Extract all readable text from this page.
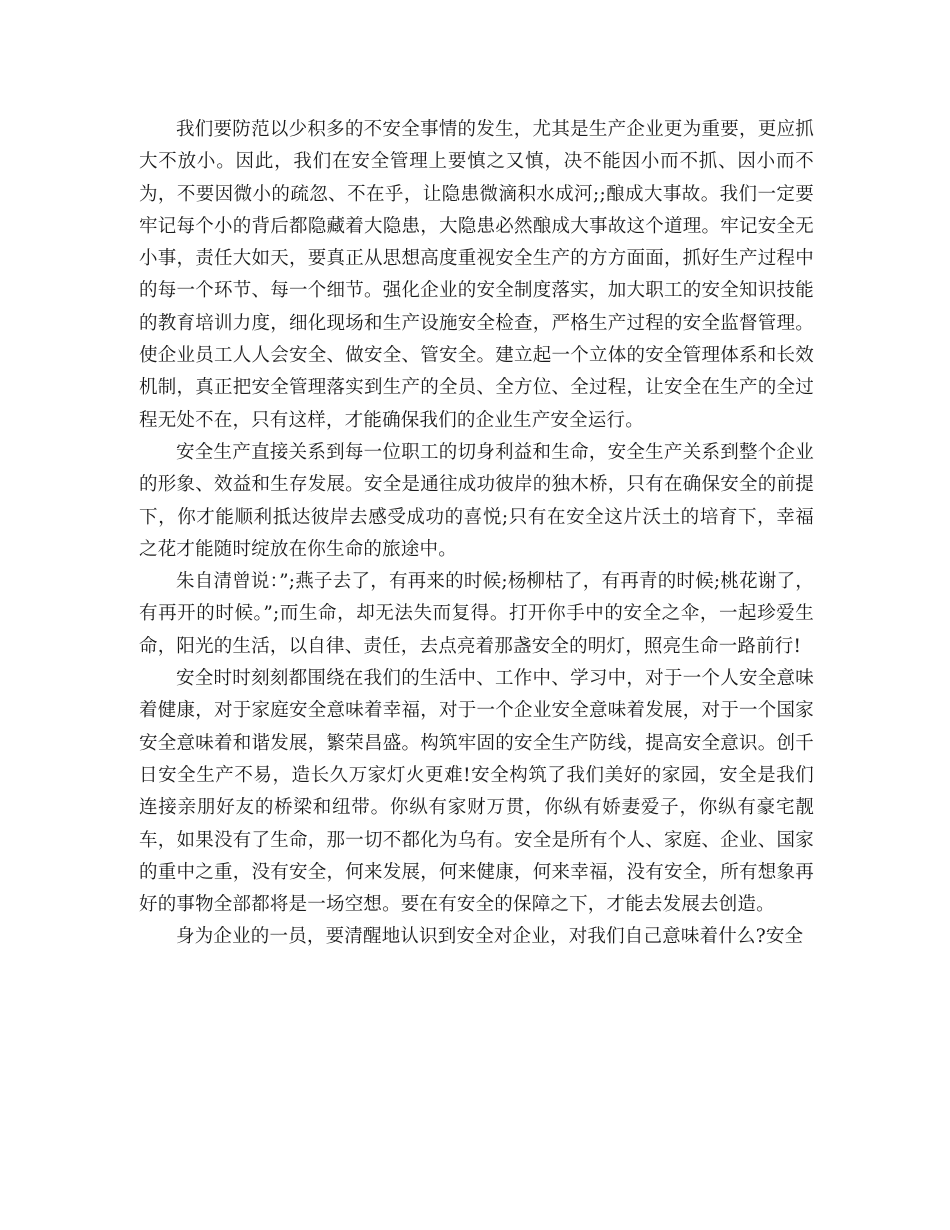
我们要防范以少积多的不安全事情的发生，尤其是生产企业更为重要，更应抓大不放小。因此，我们在安全管理上要慎之又慎，决不能因小而不抓、因小而不为，不要因微小的疏忽、不在乎，让隐患微滴积水成河;;酿成大事故。我们一定要牢记每个小的背后都隐藏着大隐患，大隐患必然酿成大事故这个道理。牢记安全无小事，责任大如天，要真正从思想高度重视安全生产的方方面面，抓好生产过程中的每一个环节、每一个细节。强化企业的安全制度落实，加大职工的安全知识技能的教育培训力度，细化现场和生产设施安全检查，严格生产过程的安全监督管理。使企业员工人人会安全、做安全、管安全。建立起一个立体的安全管理体系和长效机制，真正把安全管理落实到生产的全员、全方位、全过程，让安全在生产的全过程无处不在，只有这样，才能确保我们的企业生产安全运行。

安全生产直接关系到每一位职工的切身利益和生命，安全生产关系到整个企业的形象、效益和生存发展。安全是通往成功彼岸的独木桥，只有在确保安全的前提下，你才能顺利抵达彼岸去感受成功的喜悦;只有在安全这片沃土的培育下，幸福之花才能随时绽放在你生命的旅途中。

朱自清曾说：”;燕子去了，有再来的时候;杨柳枯了，有再青的时候;桃花谢了，有再开的时候。”;而生命，却无法失而复得。打开你手中的安全之伞，一起珍爱生命，阳光的生活，以自律、责任，去点亮着那盏安全的明灯，照亮生命一路前行!

安全时时刻刻都围绕在我们的生活中、工作中、学习中，对于一个人安全意味着健康，对于家庭安全意味着幸福，对于一个企业安全意味着发展，对于一个国家安全意味着和谐发展，繁荣昌盛。构筑牢固的安全生产防线，提高安全意识。创千日安全生产不易，造长久万家灯火更难!安全构筑了我们美好的家园，安全是我们连接亲朋好友的桥梁和纽带。你纵有家财万贯，你纵有娇妻爱子，你纵有豪宅靓车，如果没有了生命，那一切不都化为乌有。安全是所有个人、家庭、企业、国家的重中之重，没有安全，何来发展，何来健康，何来幸福，没有安全，所有想象再好的事物全部都将是一场空想。要在有安全的保障之下，才能去发展去创造。

身为企业的一员，要清醒地认识到安全对企业，对我们自己意味着什么?安全
